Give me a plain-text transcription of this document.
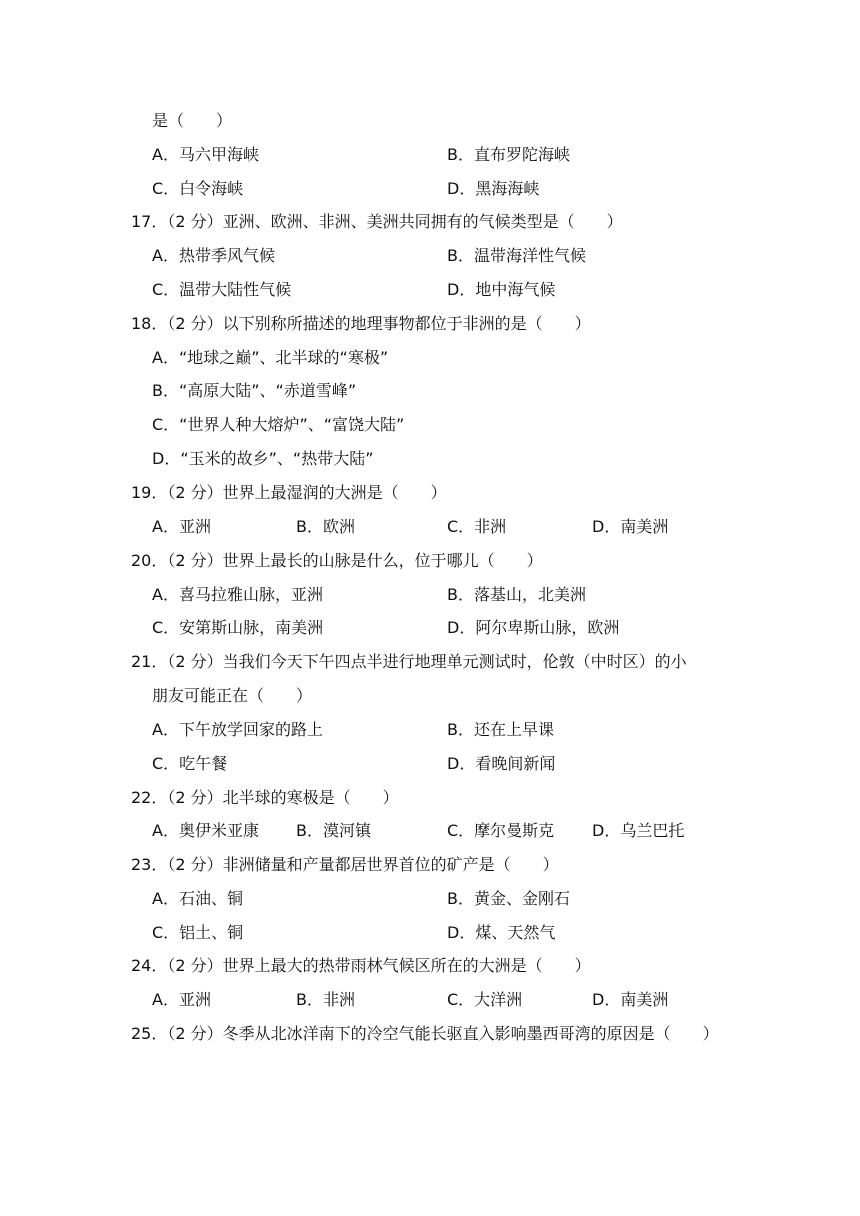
是（　　）
A．马六甲海峡	B．直布罗陀海峡
C．白令海峡	D．黑海海峡
17．（2 分）亚洲、欧洲、非洲、美洲共同拥有的气候类型是（　　）
A．热带季风气候	B．温带海洋性气候
C．温带大陆性气候	D．地中海气候
18．（2 分）以下别称所描述的地理事物都位于非洲的是（　　）
A．“地球之巅”、北半球的“寒极”
B．“高原大陆”、“赤道雪峰”
C．“世界人种大熔炉”、“富饶大陆”
D．“玉米的故乡”、“热带大陆”
19．（2 分）世界上最湿润的大洲是（　　）
A．亚洲	B．欧洲	C．非洲	D．南美洲
20．（2 分）世界上最长的山脉是什么，位于哪儿（　　）
A．喜马拉雅山脉，亚洲	B．落基山，北美洲
C．安第斯山脉，南美洲	D．阿尔卑斯山脉，欧洲
21．（2 分）当我们今天下午四点半进行地理单元测试时，伦敦（中时区）的小
朋友可能正在（　　）
A．下午放学回家的路上	B．还在上早课
C．吃午餐	D．看晚间新闻
22．（2 分）北半球的寒极是（　　）
A．奥伊米亚康 B．漠河镇	C．摩尔曼斯克 D．乌兰巴托
23．（2 分）非洲储量和产量都居世界首位的矿产是（　　）
A．石油、铜	B．黄金、金刚石
C．铝土、铜	D．煤、天然气
24．（2 分）世界上最大的热带雨林气候区所在的大洲是（　　）
A．亚洲	B．非洲	C．大洋洲	D．南美洲
25．（2 分）冬季从北冰洋南下的冷空气能长驱直入影响墨西哥湾的原因是（　　）
